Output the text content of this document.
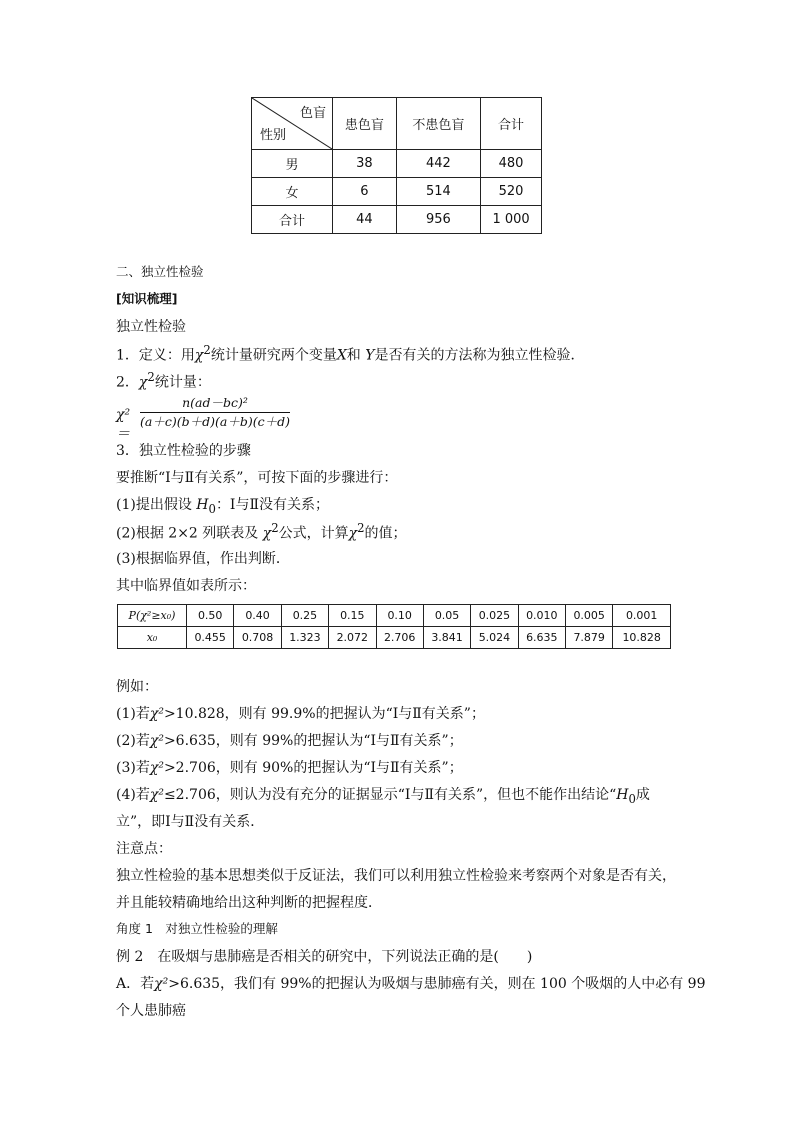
色盲
性别	患色盲	不患色盲	合计
男	38	442	480
女	6	514	520
合计	44	956	1 000
二、独立性检验
[知识梳理]
独立性检验
1．定义：用$\chi^2$统计量研究两个变量X和 Y是否有关的方法称为独立性检验．
2．$\chi^2$统计量：
χ²＝
n(ad－bc)²
(a＋c)(b＋d)(a＋b)(c＋d)
3．独立性检验的步骤
要推断“Ⅰ与Ⅱ有关系”，可按下面的步骤进行：
(1)提出假设 $H_0$：Ⅰ与Ⅱ没有关系；
(2)根据 2×2 列联表及 $\chi^2$公式，计算$\chi^2$的值；
(3)根据临界值，作出判断．
其中临界值如表所示：
P(χ²≥x₀)	0.50	0.40	0.25	0.15	0.10	0.05	0.025	0.010	0.005	0.001
x₀	0.455	0.708	1.323	2.072	2.706	3.841	5.024	6.635	7.879	10.828
例如：
(1)若χ²>10.828，则有 99.9%的把握认为“Ⅰ与Ⅱ有关系”；
(2)若χ²>6.635，则有 99%的把握认为“Ⅰ与Ⅱ有关系”；
(3)若χ²>2.706，则有 90%的把握认为“Ⅰ与Ⅱ有关系”；
(4)若χ²≤2.706，则认为没有充分的证据显示“Ⅰ与Ⅱ有关系”，但也不能作出结论“$H_0$成
立”，即Ⅰ与Ⅱ没有关系．
注意点：
独立性检验的基本思想类似于反证法，我们可以利用独立性检验来考察两个对象是否有关，
并且能较精确地给出这种判断的把握程度．
角度 1　对独立性检验的理解
例 2　在吸烟与患肺癌是否相关的研究中，下列说法正确的是(　　)
A．若χ²>6.635，我们有 99%的把握认为吸烟与患肺癌有关，则在 100 个吸烟的人中必有 99
个人患肺癌
